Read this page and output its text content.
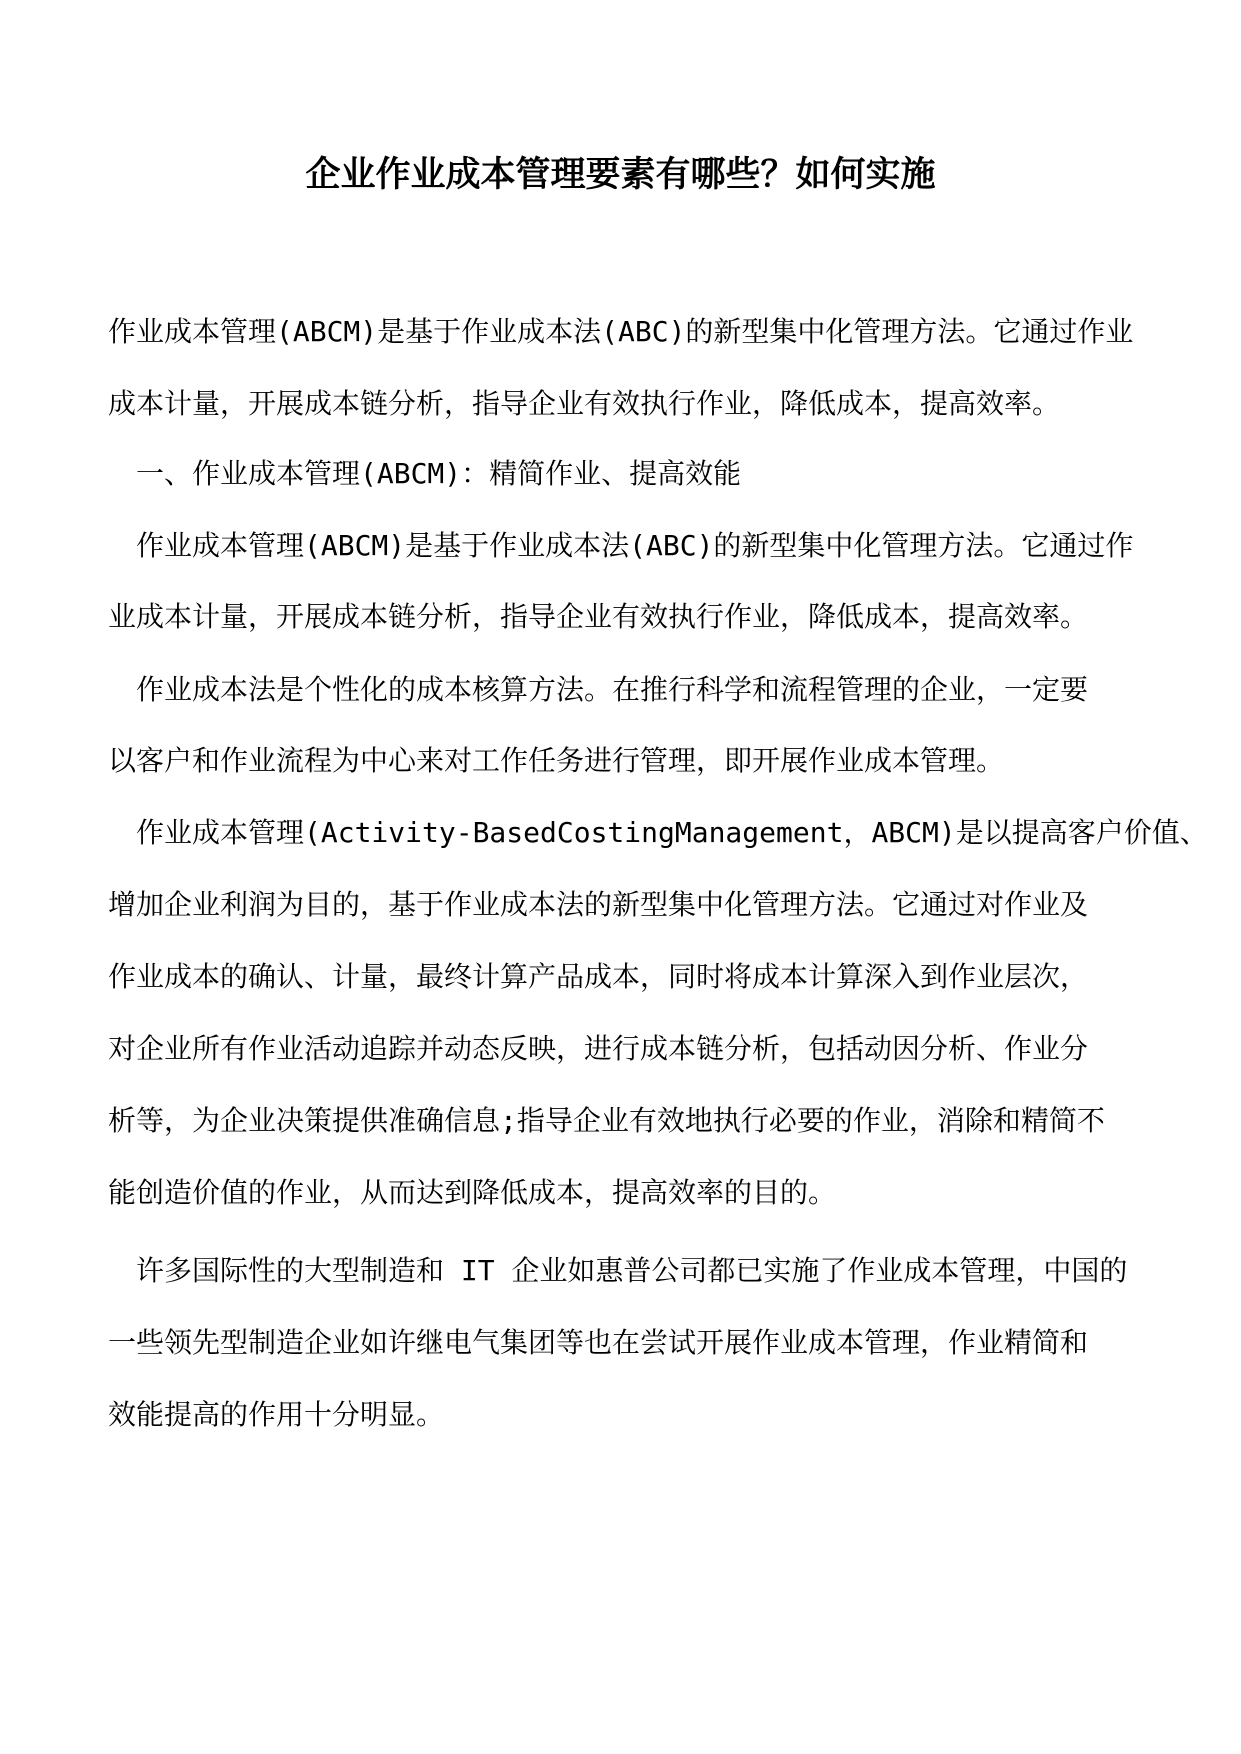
企业作业成本管理要素有哪些？如何实施

作业成本管理(ABCM)是基于作业成本法(ABC)的新型集中化管理方法。它通过作业

成本计量，开展成本链分析，指导企业有效执行作业，降低成本，提高效率。

一、作业成本管理(ABCM)：精简作业、提高效能

作业成本管理(ABCM)是基于作业成本法(ABC)的新型集中化管理方法。它通过作

业成本计量，开展成本链分析，指导企业有效执行作业，降低成本，提高效率。

作业成本法是个性化的成本核算方法。在推行科学和流程管理的企业，一定要

以客户和作业流程为中心来对工作任务进行管理，即开展作业成本管理。

作业成本管理(Activity-BasedCostingManagement，ABCM)是以提高客户价值、

增加企业利润为目的，基于作业成本法的新型集中化管理方法。它通过对作业及

作业成本的确认、计量，最终计算产品成本，同时将成本计算深入到作业层次，

对企业所有作业活动追踪并动态反映，进行成本链分析，包括动因分析、作业分

析等，为企业决策提供准确信息;指导企业有效地执行必要的作业，消除和精简不

能创造价值的作业，从而达到降低成本，提高效率的目的。

许多国际性的大型制造和 IT 企业如惠普公司都已实施了作业成本管理，中国的

一些领先型制造企业如许继电气集团等也在尝试开展作业成本管理，作业精简和

效能提高的作用十分明显。
